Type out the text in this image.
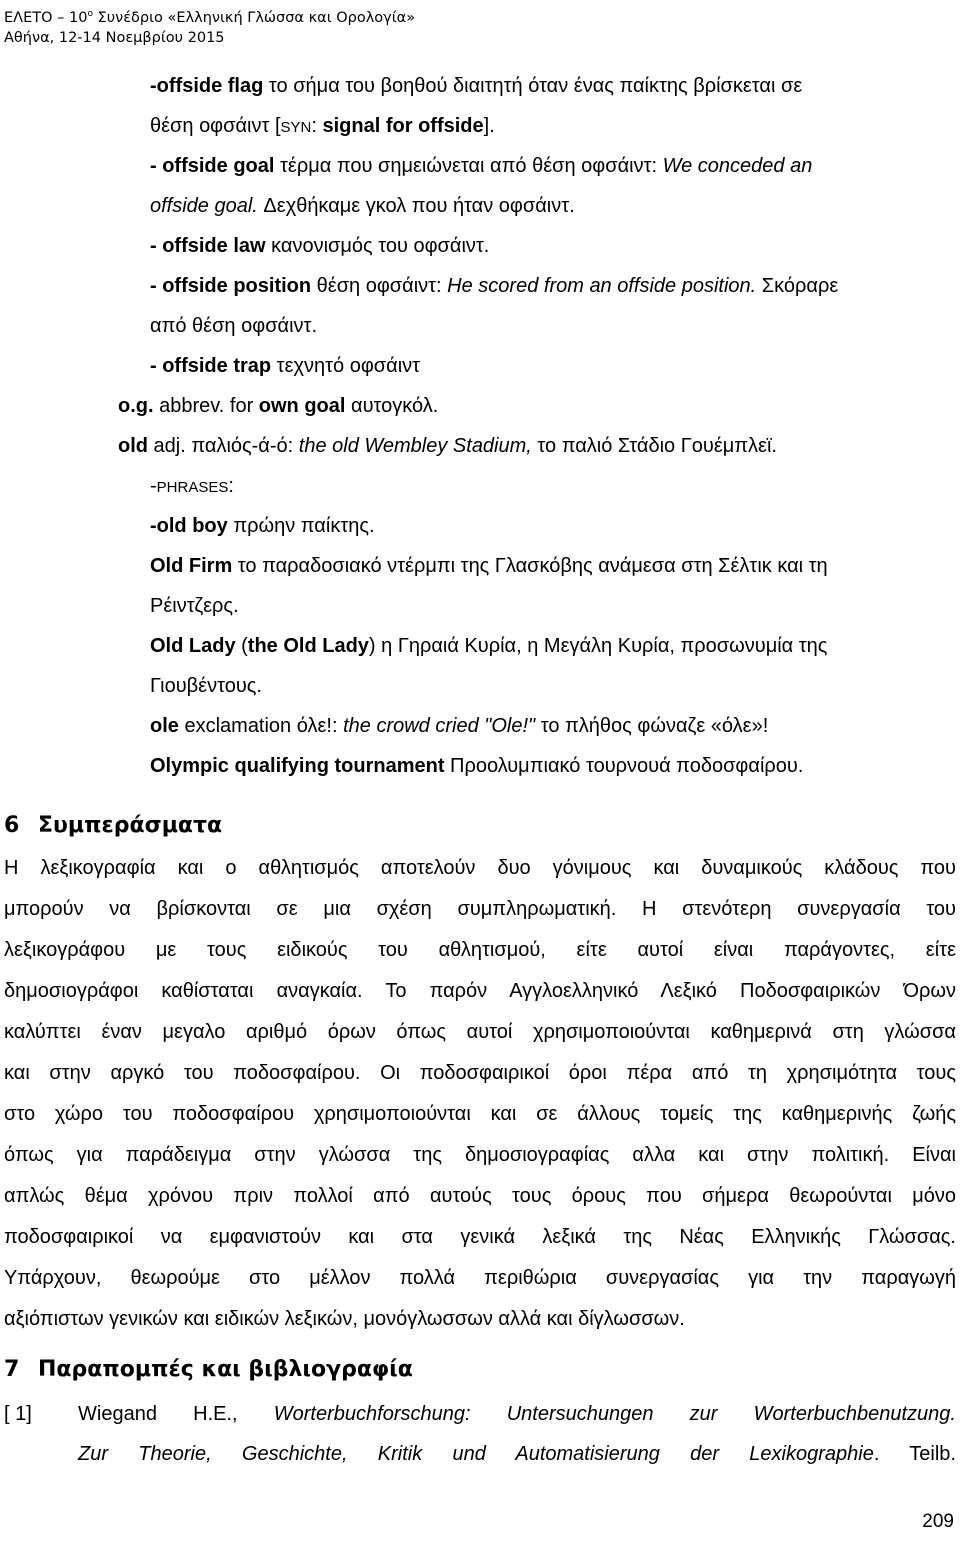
ΕΛΕΤΟ – $10^o$ Συνέδριο «Ελληνική Γλώσσα και Ορολογία»
Αθήνα, 12-14 Νοεμβρίου 2015
-offside flag το σήμα του βοηθού διαιτητή όταν ένας παίκτης βρίσκεται σε
θέση οφσάιντ [SYN: signal for offside].
- offside goal τέρμα που σημειώνεται από θέση οφσάιντ: We conceded an
offside goal. Δεχθήκαμε γκολ που ήταν οφσάιντ.
- offside law κανονισμός του οφσάιντ.
- offside position θέση οφσάιντ: He scored from an offside position. Σκόραρε
από θέση οφσάιντ.
- offside trap τεχνητό οφσάιντ
o.g. abbrev. for own goal αυτογκόλ.
old adj. παλιός-ά-ό: the old Wembley Stadium, το παλιό Στάδιο Γουέμπλεϊ.
-PHRASES:
-old boy πρώην παίκτης.
Old Firm το παραδοσιακό ντέρμπι της Γλασκόβης ανάμεσα στη Σέλτικ και τη
Ρέιντζερς.
Old Lady (the Old Lady) η Γηραιά Κυρία, η Μεγάλη Κυρία, προσωνυμία της
Γιουβέντους.
ole exclamation όλε!: the crowd cried "Ole!" το πλήθος φώναζε «όλε»!
Olympic qualifying tournament Προολυμπιακό τουρνουά ποδοσφαίρου.
6 Συμπεράσματα
Η λεξικογραφία και ο αθλητισμός αποτελούν δυο γόνιμους και δυναμικούς κλάδους που
μπορούν να βρίσκονται σε μια σχέση συμπληρωματική. Η στενότερη συνεργασία του
λεξικογράφου με τους ειδικούς του αθλητισμού, είτε αυτοί είναι παράγοντες, είτε
δημοσιογράφοι καθίσταται αναγκαία. Το παρόν Αγγλοελληνικό Λεξικό Ποδοσφαιρικών Όρων
καλύπτει έναν μεγαλο αριθμό όρων όπως αυτοί χρησιμοποιούνται καθημερινά στη γλώσσα
και στην αργκό του ποδοσφαίρου. Οι ποδοσφαιρικοί όροι πέρα από τη χρησιμότητα τους
στο χώρο του ποδοσφαίρου χρησιμοποιούνται και σε άλλους τομείς της καθημερινής ζωής
όπως για παράδειγμα στην γλώσσα της δημοσιογραφίας αλλα και στην πολιτική. Είναι
απλώς θέμα χρόνου πριν πολλοί από αυτούς τους όρους που σήμερα θεωρούνται μόνο
ποδοσφαιρικοί να εμφανιστούν και στα γενικά λεξικά της Νέας Ελληνικής Γλώσσας.
Υπάρχουν, θεωρούμε στο μέλλον πολλά περιθώρια συνεργασίας για την παραγωγή
αξιόπιστων γενικών και ειδικών λεξικών, μονόγλωσσων αλλά και δίγλωσσων.
7 Παραπομπές και βιβλιογραφία
[ 1] Wiegand H.E., Worterbuchforschung: Untersuchungen zur Worterbuchbenutzung.
Zur Theorie, Geschichte, Kritik und Automatisierung der Lexikographie. Teilb.
209
